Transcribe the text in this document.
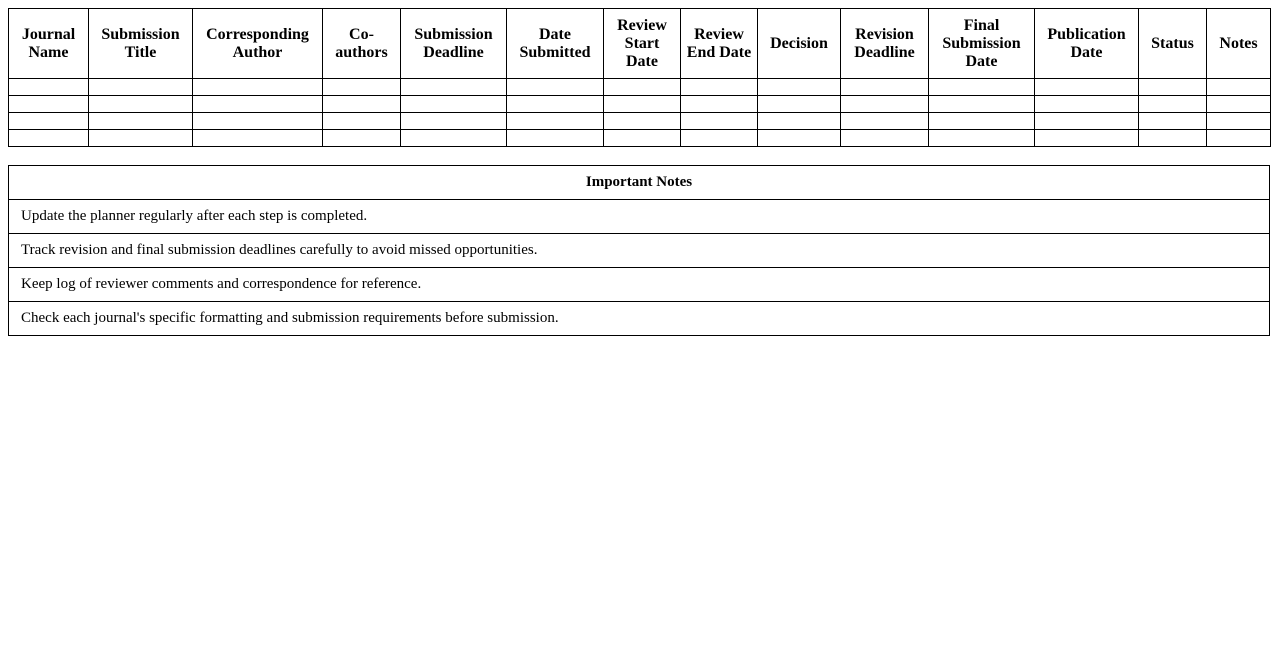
Journal Name	Submission Title	Corresponding Author	Co-authors	Submission Deadline	Date Submitted	Review Start Date	Review End Date	Decision	Revision Deadline	Final Submission Date	Publication Date	Status	Notes

Important Notes
Update the planner regularly after each step is completed.
Track revision and final submission deadlines carefully to avoid missed opportunities.
Keep log of reviewer comments and correspondence for reference.
Check each journal's specific formatting and submission requirements before submission.
